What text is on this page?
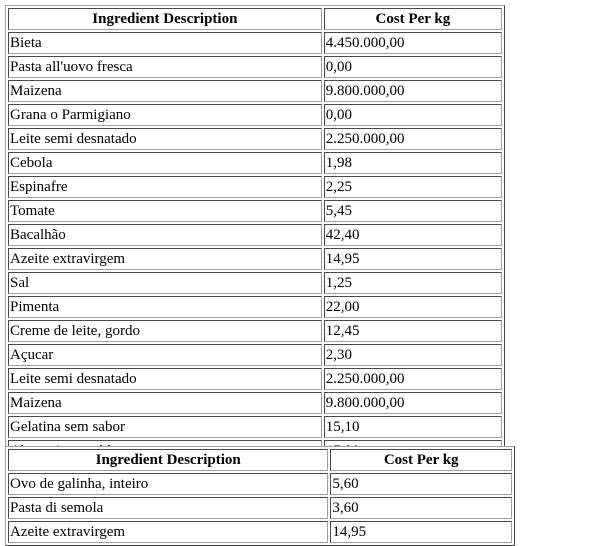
Ingredient Description	Cost Per kg
Bieta	4.450.000,00
Pasta all'uovo fresca	0,00
Maizena	9.800.000,00
Grana o Parmigiano	0,00
Leite semi desnatado	2.250.000,00
Cebola	1,98
Espinafre	2,25
Tomate	5,45
Bacalhão	42,40
Azeite extravirgem	14,95
Sal	1,25
Pimenta	22,00
Creme de leite, gordo	12,45
Açucar	2,30
Leite semi desnatado	2.250.000,00
Maizena	9.800.000,00
Gelatina sem sabor	15,10

Ingredient Description	Cost Per kg
Ovo de galinha, inteiro	5,60
Pasta di semola	3,60
Azeite extravirgem	14,95
